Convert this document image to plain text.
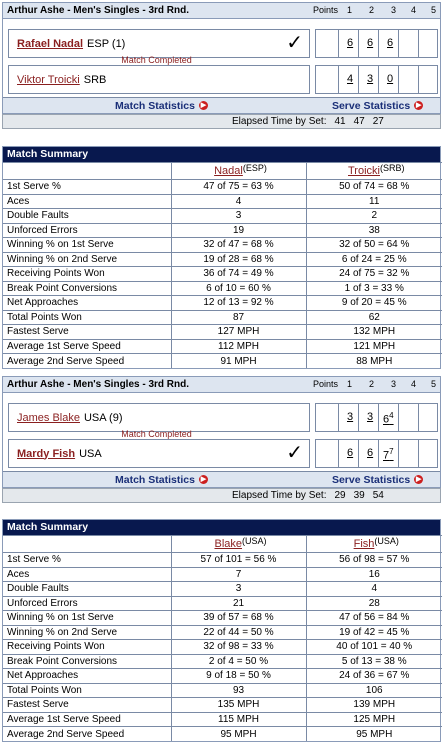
Arthur Ashe - Men's Singles - 3rd Rnd.	Points 1 2 3 4 5
Rafael Nadal ESP (1)	✓	6 6 6
Match Completed
Viktor Troicki SRB	4 3 0
Match Statistics ▶	Serve Statistics ▶
Elapsed Time by Set: 41 47 27
Match Summary
	Nadal(ESP)	Troicki(SRB)
1st Serve %	47 of 75 = 63 %	50 of 74 = 68 %
Aces	4	11
Double Faults	3	2
Unforced Errors	19	38
Winning % on 1st Serve	32 of 47 = 68 %	32 of 50 = 64 %
Winning % on 2nd Serve	19 of 28 = 68 %	6 of 24 = 25 %
Receiving Points Won	36 of 74 = 49 %	24 of 75 = 32 %
Break Point Conversions	6 of 10 = 60 %	1 of 3 = 33 %
Net Approaches	12 of 13 = 92 %	9 of 20 = 45 %
Total Points Won	87	62
Fastest Serve	127 MPH	132 MPH
Average 1st Serve Speed	112 MPH	121 MPH
Average 2nd Serve Speed	91 MPH	88 MPH
Arthur Ashe - Men's Singles - 3rd Rnd.	Points 1 2 3 4 5
James Blake USA (9)	3 3 $6^4$
Match Completed
Mardy Fish USA	✓	6 6 $7^7$
Match Statistics ▶	Serve Statistics ▶
Elapsed Time by Set: 29 39 54
Match Summary
	Blake(USA)	Fish(USA)
1st Serve %	57 of 101 = 56 %	56 of 98 = 57 %
Aces	7	16
Double Faults	3	4
Unforced Errors	21	28
Winning % on 1st Serve	39 of 57 = 68 %	47 of 56 = 84 %
Winning % on 2nd Serve	22 of 44 = 50 %	19 of 42 = 45 %
Receiving Points Won	32 of 98 = 33 %	40 of 101 = 40 %
Break Point Conversions	2 of 4 = 50 %	5 of 13 = 38 %
Net Approaches	9 of 18 = 50 %	24 of 36 = 67 %
Total Points Won	93	106
Fastest Serve	135 MPH	139 MPH
Average 1st Serve Speed	115 MPH	125 MPH
Average 2nd Serve Speed	95 MPH	95 MPH
